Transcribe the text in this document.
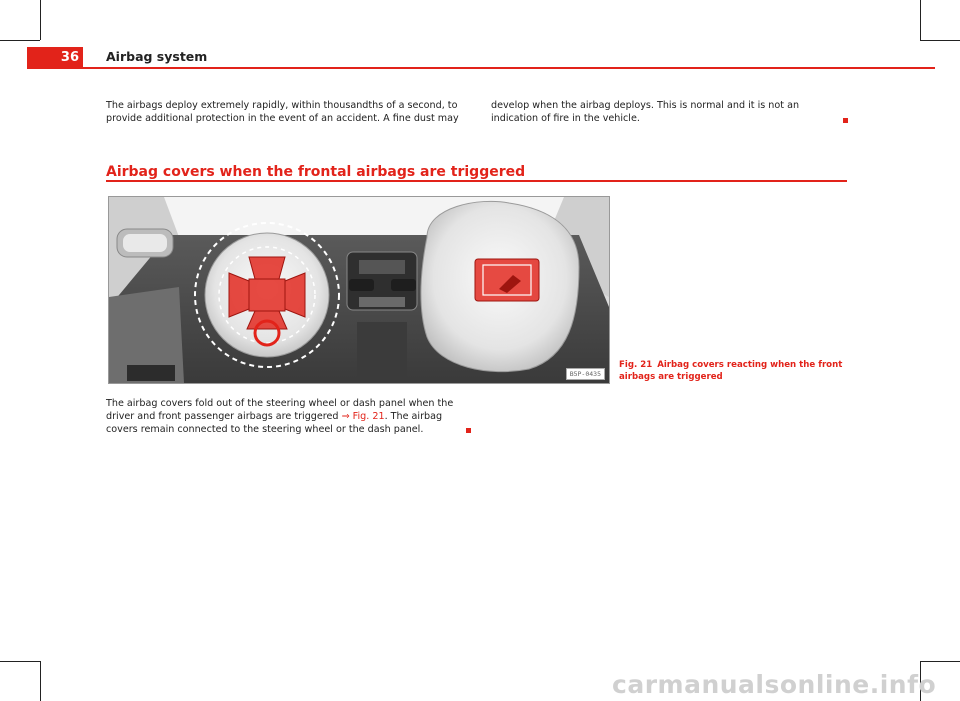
36	Airbag system
The airbags deploy extremely rapidly, within thousandths of a second, to provide additional protection in the event of an accident. A fine dust may
develop when the airbag deploys. This is normal and it is not an indication of fire in the vehicle.
Airbag covers when the frontal airbags are triggered
B5P-0435
Fig. 21 Airbag covers reacting when the front airbags are triggered
The airbag covers fold out of the steering wheel or dash panel when the driver and front passenger airbags are triggered ⇒ Fig. 21. The airbag covers remain connected to the steering wheel or the dash panel.
carmanualsonline.info
